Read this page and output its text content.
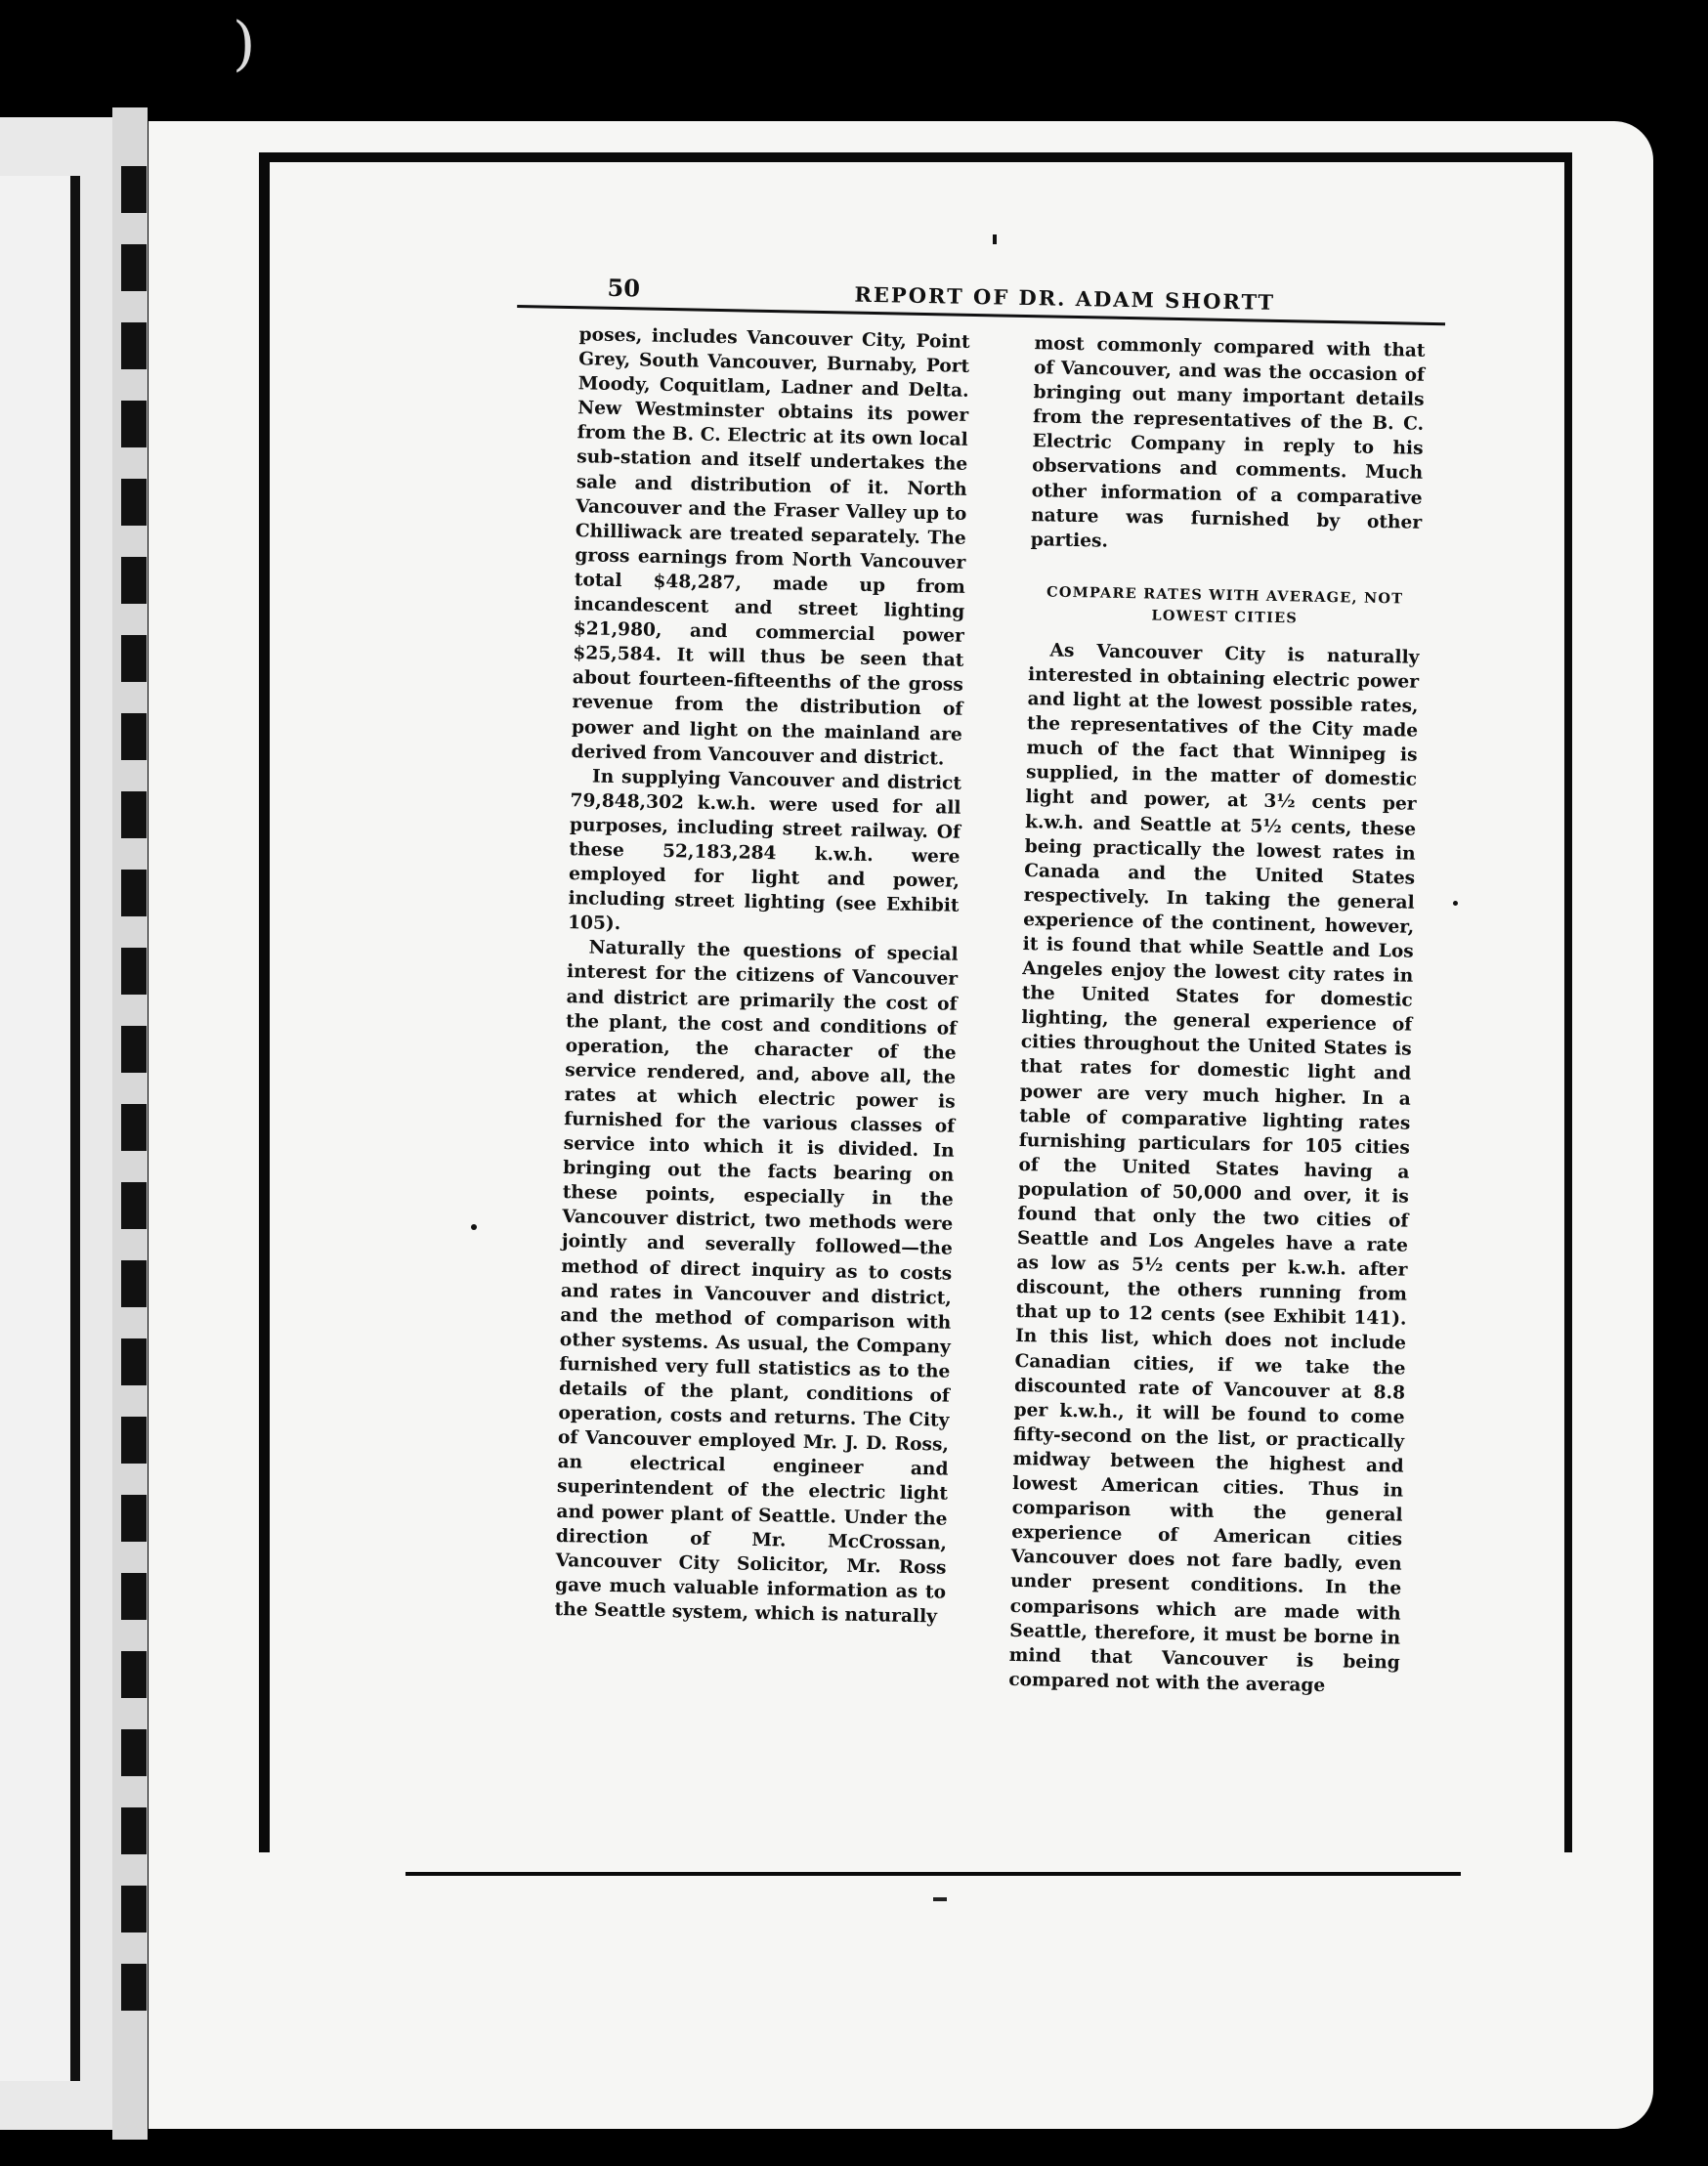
)
50	REPORT OF DR. ADAM SHORTT

poses, includes Vancouver City, Point Grey, South Vancouver, Burnaby, Port Moody, Coquitlam, Ladner and Delta. New Westminster obtains its power from the B. C. Electric at its own local sub-station and itself undertakes the sale and distribution of it. North Vancouver and the Fraser Valley up to Chilliwack are treated separately. The gross earnings from North Vancouver total $48,287, made up from incandescent and street lighting $21,980, and commercial power $25,584. It will thus be seen that about fourteen-fifteenths of the gross revenue from the distribution of power and light on the mainland are derived from Vancouver and district.

In supplying Vancouver and district 79,848,302 k.w.h. were used for all purposes, including street railway. Of these 52,183,284 k.w.h. were employed for light and power, including street lighting (see Exhibit 105).

Naturally the questions of special interest for the citizens of Vancouver and district are primarily the cost of the plant, the cost and conditions of operation, the character of the service rendered, and, above all, the rates at which electric power is furnished for the various classes of service into which it is divided. In bringing out the facts bearing on these points, especially in the Vancouver district, two methods were jointly and severally followed—the method of direct inquiry as to costs and rates in Vancouver and district, and the method of comparison with other systems. As usual, the Company furnished very full statistics as to the details of the plant, conditions of operation, costs and returns. The City of Vancouver employed Mr. J. D. Ross, an electrical engineer and superintendent of the electric light and power plant of Seattle. Under the direction of Mr. McCrossan, Vancouver City Solicitor, Mr. Ross gave much valuable information as to the Seattle system, which is naturally

most commonly compared with that of Vancouver, and was the occasion of bringing out many important details from the representatives of the B. C. Electric Company in reply to his observations and comments. Much other information of a comparative nature was furnished by other parties.

COMPARE RATES WITH AVERAGE, NOT
LOWEST CITIES

As Vancouver City is naturally interested in obtaining electric power and light at the lowest possible rates, the representatives of the City made much of the fact that Winnipeg is supplied, in the matter of domestic light and power, at 3½ cents per k.w.h. and Seattle at 5½ cents, these being practically the lowest rates in Canada and the United States respectively. In taking the general experience of the continent, however, it is found that while Seattle and Los Angeles enjoy the lowest city rates in the United States for domestic lighting, the general experience of cities throughout the United States is that rates for domestic light and power are very much higher. In a table of comparative lighting rates furnishing particulars for 105 cities of the United States having a population of 50,000 and over, it is found that only the two cities of Seattle and Los Angeles have a rate as low as 5½ cents per k.w.h. after discount, the others running from that up to 12 cents (see Exhibit 141). In this list, which does not include Canadian cities, if we take the discounted rate of Vancouver at 8.8 per k.w.h., it will be found to come fifty-second on the list, or practically midway between the highest and lowest American cities. Thus in comparison with the general experience of American cities Vancouver does not fare badly, even under present conditions. In the comparisons which are made with Seattle, therefore, it must be borne in mind that Vancouver is being compared not with the average
